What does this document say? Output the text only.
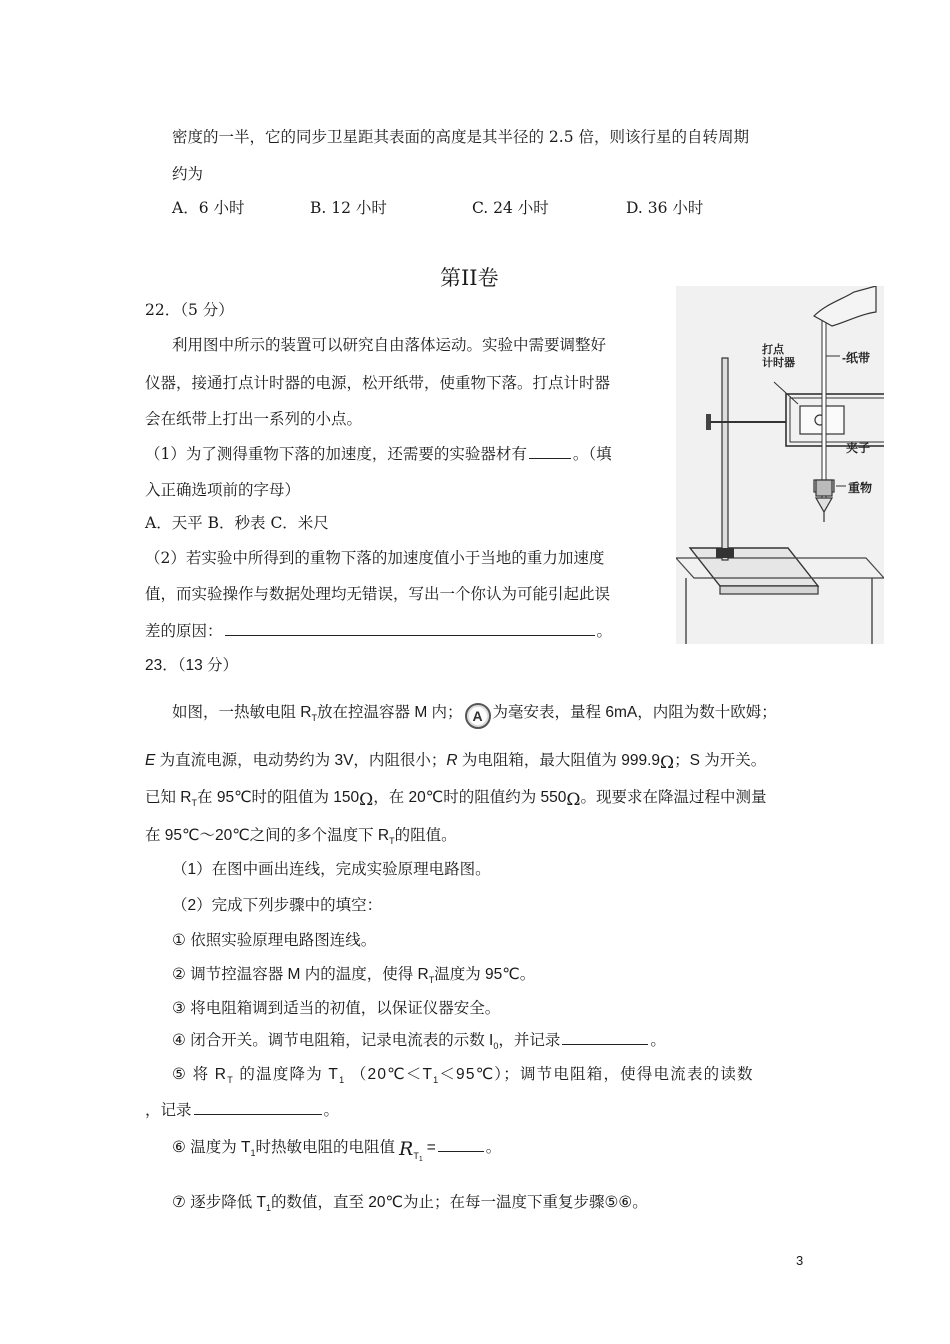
密度的一半，它的同步卫星距其表面的高度是其半径的 2.5 倍，则该行星的自转周期
约为
A．6 小时	B. 12 小时	C. 24 小时	D. 36 小时
第II卷
22．（5 分）
利用图中所示的装置可以研究自由落体运动。实验中需要调整好
仪器，接通打点计时器的电源，松开纸带，使重物下落。打点计时器
会在纸带上打出一系列的小点。
（1）为了测得重物下落的加速度，还需要的实验器材有	。（填
入正确选项前的字母）
A．天平 B．秒表 C．米尺
（2）若实验中所得到的重物下落的加速度值小于当地的重力加速度
值，而实验操作与数据处理均无错误，写出一个你认为可能引起此误
差的原因：	。
打点
计时器	-纸带
夹子
重物
23．（13 分）
如图，一热敏电阻 $R_T$放在控温容器 M 内； A 为毫安表，量程 6mA，内阻为数十欧姆；
E 为直流电源，电动势约为 3V，内阻很小；R 为电阻箱，最大阻值为 999.9Ω；S 为开关。
已知 $R_T$在 95℃时的阻值为 150Ω，在 20℃时的阻值约为 550Ω。现要求在降温过程中测量
在 95℃～20℃之间的多个温度下 $R_T$的阻值。
（1）在图中画出连线，完成实验原理电路图。
（2）完成下列步骤中的填空：
① 依照实验原理电路图连线。
② 调节控温容器 M 内的温度，使得 $R_T$温度为 95℃。
③ 将电阻箱调到适当的初值，以保证仪器安全。
④ 闭合开关。调节电阻箱，记录电流表的示数 $I_0$，并记录	。
⑤ 将 $R_T$ 的温度降为 $T_1$ $(20℃<T_1<95℃)$；调节电阻箱，使得电流表的读数
，记录	。
⑥ 温度为 $T_1$时热敏电阻的电阻值 $R_{T1}=$	。
⑦ 逐步降低 $T_1$的数值，直至 20℃为止；在每一温度下重复步骤⑤⑥。
3
